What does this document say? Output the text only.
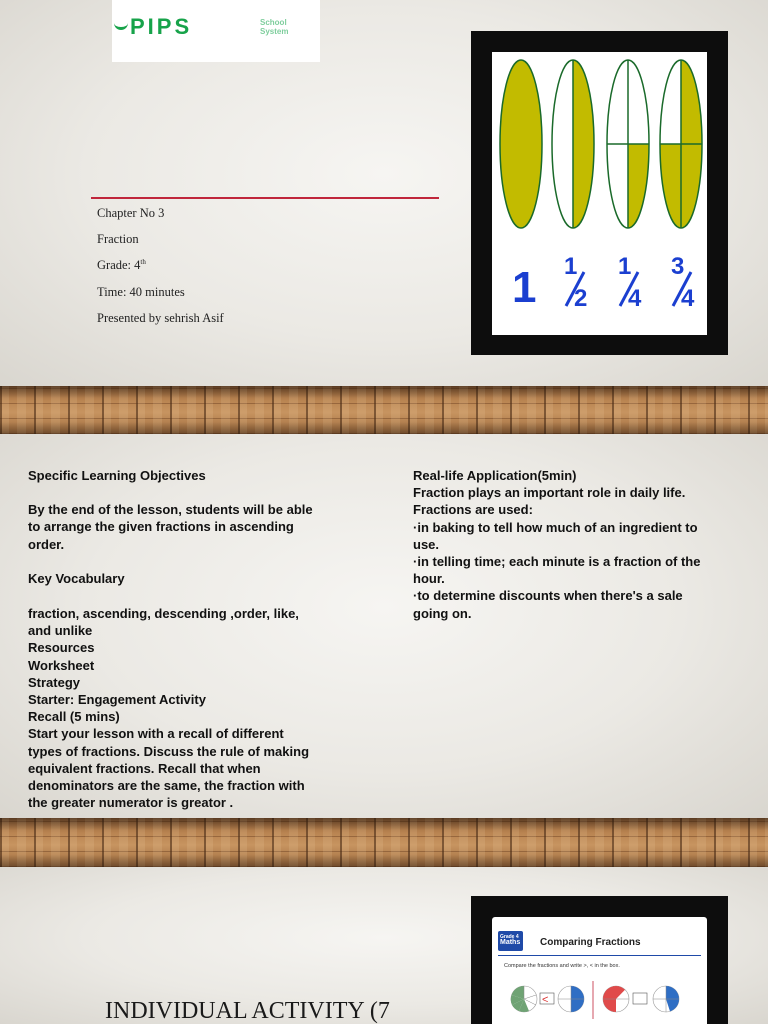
PIPS	School
System
Chapter No 3
Fraction
Grade: 4th
Time: 40 minutes
Presented by sehrish Asif
1 1
2
1
4
3
4

Specific Learning Objectives

By the end of the lesson, students will be able
to arrange the given fractions in ascending
order.

Key Vocabulary

fraction, ascending, descending ,order, like,
and unlike

Resources

Worksheet

Strategy

Starter: Engagement Activity

Recall (5 mins)

Start your lesson with a recall of different
types of fractions. Discuss the rule of making
equivalent fractions. Recall that when
denominators are the same, the fraction with
the greater numerator is greator .

Real-life Application(5min)

Fraction plays an important role in daily life.
Fractions are used:

·in baking to tell how much of an ingredient to
use.

·in telling time; each minute is a fraction of the
hour.

·to determine discounts when there's a sale
going on.

INDIVIDUAL ACTIVITY (7
Grade 4
Maths Comparing Fractions
Compare the fractions and write >, < in the box.
<
